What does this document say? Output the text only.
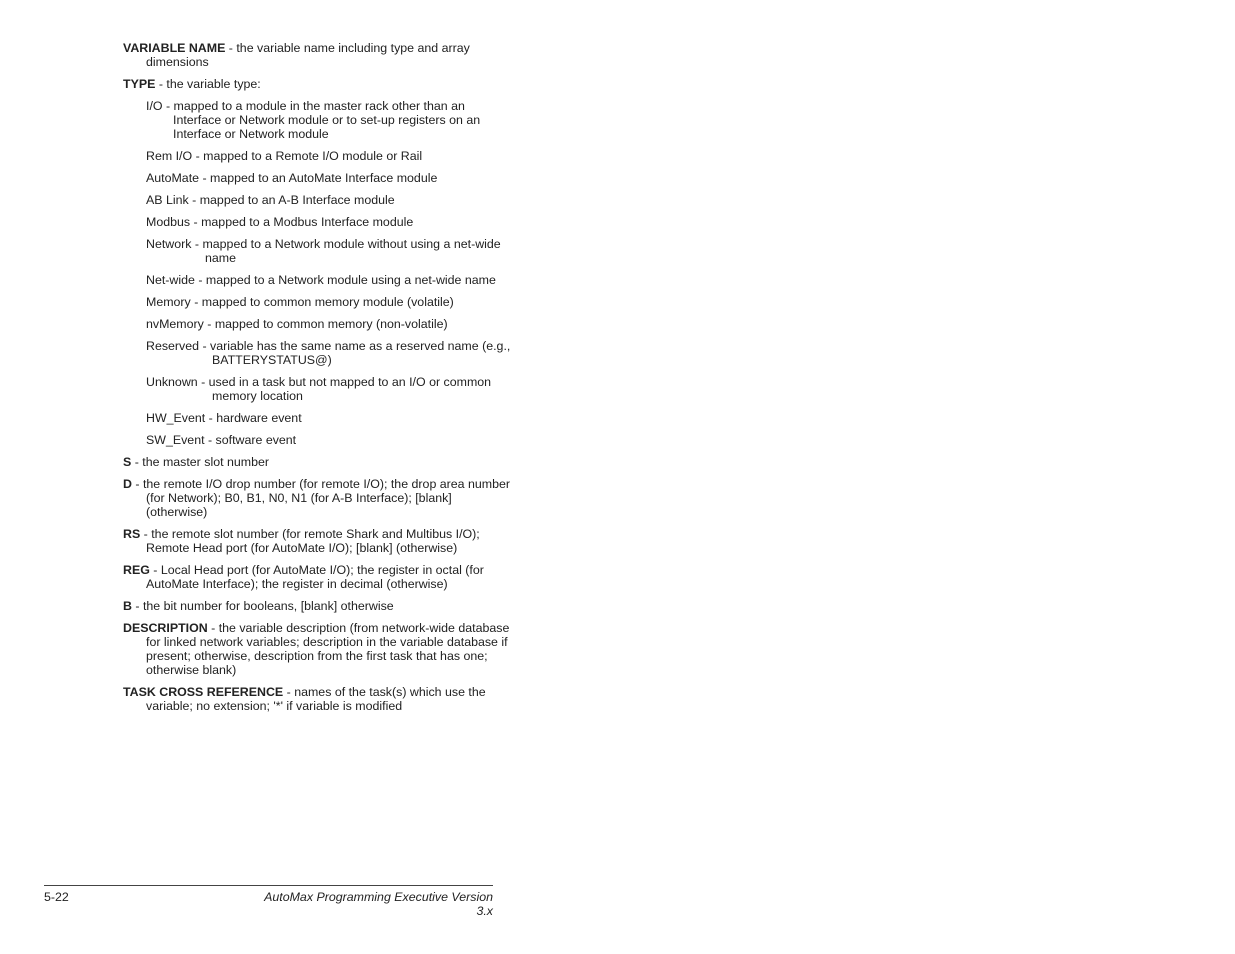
VARIABLE NAME - the variable name including type and array dimensions

TYPE - the variable type:

I/O - mapped to a module in the master rack other than an Interface or Network module or to set-up registers on an Interface or Network module

Rem I/O - mapped to a Remote I/O module or Rail

AutoMate - mapped to an AutoMate Interface module

AB Link - mapped to an A-B Interface module

Modbus - mapped to a Modbus Interface module

Network - mapped to a Network module without using a net-wide name

Net-wide - mapped to a Network module using a net-wide name

Memory - mapped to common memory module (volatile)

nvMemory - mapped to common memory (non-volatile)

Reserved - variable has the same name as a reserved name (e.g., BATTERYSTATUS@)

Unknown - used in a task but not mapped to an I/O or common memory location

HW_Event - hardware event

SW_Event - software event

S - the master slot number

D - the remote I/O drop number (for remote I/O); the drop area number (for Network); B0, B1, N0, N1 (for A-B Interface); [blank] (otherwise)

RS - the remote slot number (for remote Shark and Multibus I/O); Remote Head port (for AutoMate I/O); [blank] (otherwise)

REG - Local Head port (for AutoMate I/O); the register in octal (for AutoMate Interface); the register in decimal (otherwise)

B - the bit number for booleans, [blank] otherwise

DESCRIPTION - the variable description (from network-wide database for linked network variables; description in the variable database if present; otherwise, description from the first task that has one; otherwise blank)

TASK CROSS REFERENCE - names of the task(s) which use the variable; no extension; '*' if variable is modified

5-22	AutoMax Programming Executive Version 3.x
